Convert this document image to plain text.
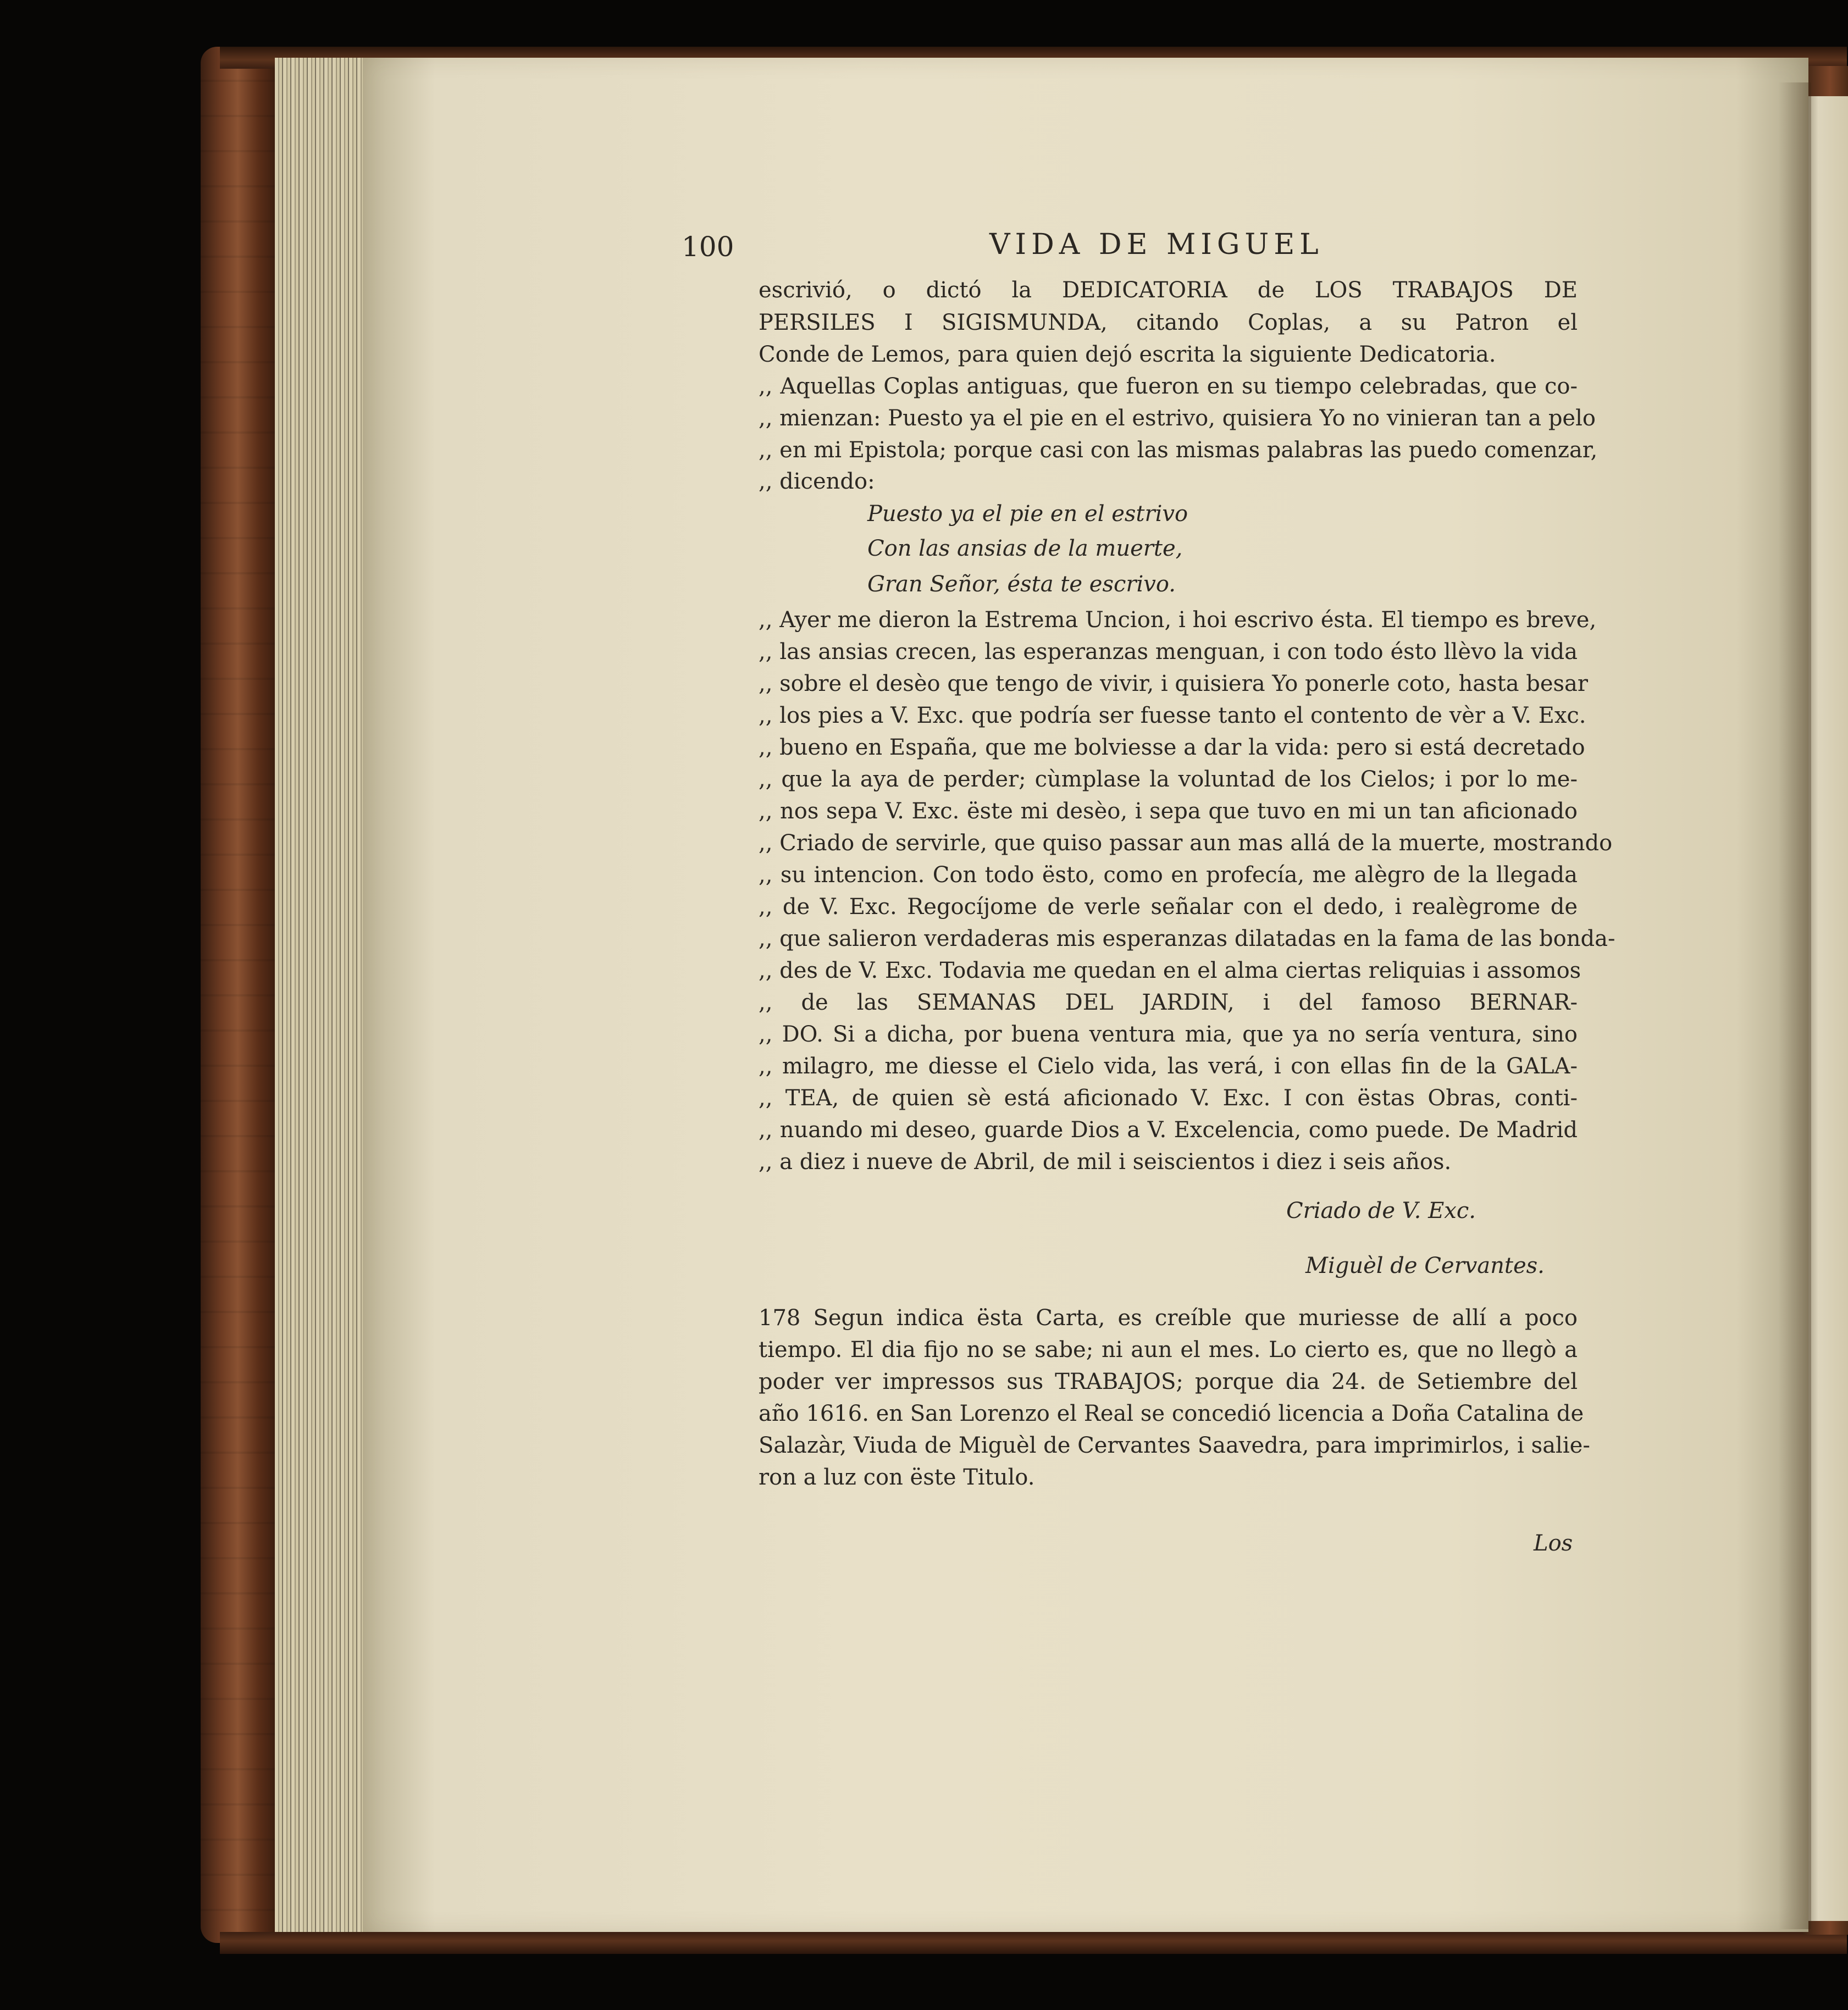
100	VIDA DE MIGUEL
escrivió, o dictó la DEDICATORIA de LOS TRABAJOS DE
PERSILES I SIGISMUNDA, citando Coplas, a su Patron el
Conde de Lemos, para quien dejó escrita la siguiente Dedicatoria.
,, Aquellas Coplas antiguas, que fueron en su tiempo celebradas, que co-
,, mienzan: Puesto ya el pie en el estrivo, quisiera Yo no vinieran tan a pelo
,, en mi Epistola; porque casi con las mismas palabras las puedo comenzar,
,, dicendo:
Puesto ya el pie en el estrivo
Con las ansias de la muerte,
Gran Señor, ésta te escrivo.
,, Ayer me dieron la Estrema Uncion, i hoi escrivo ésta. El tiempo es breve,
,, las ansias crecen, las esperanzas menguan, i con todo ésto llèvo la vida
,, sobre el desèo que tengo de vivir, i quisiera Yo ponerle coto, hasta besar
,, los pies a V. Exc. que podría ser fuesse tanto el contento de vèr a V. Exc.
,, bueno en España, que me bolviesse a dar la vida: pero si está decretado
,, que la aya de perder; cùmplase la voluntad de los Cielos; i por lo me-
,, nos sepa V. Exc. ëste mi desèo, i sepa que tuvo en mi un tan aficionado
,, Criado de servirle, que quiso passar aun mas allá de la muerte, mostrando
,, su intencion. Con todo ësto, como en profecía, me alègro de la llegada
,, de V. Exc. Regocíjome de verle señalar con el dedo, i realègrome de
,, que salieron verdaderas mis esperanzas dilatadas en la fama de las bonda-
,, des de V. Exc. Todavia me quedan en el alma ciertas reliquias i assomos
,, de las SEMANAS DEL JARDIN, i del famoso BERNAR-
,, DO. Si a dicha, por buena ventura mia, que ya no sería ventura, sino
,, milagro, me diesse el Cielo vida, las verá, i con ellas fin de la GALA-
,, TEA, de quien sè está aficionado V. Exc. I con ëstas Obras, conti-
,, nuando mi deseo, guarde Dios a V. Excelencia, como puede. De Madrid
,, a diez i nueve de Abril, de mil i seiscientos i diez i seis años.
Criado de V. Exc.
Miguèl de Cervantes.
178 Segun indica ësta Carta, es creíble que muriesse de allí a poco
tiempo. El dia fijo no se sabe; ni aun el mes. Lo cierto es, que no llegò a
poder ver impressos sus TRABAJOS; porque dia 24. de Setiembre del
año 1616. en San Lorenzo el Real se concedió licencia a Doña Catalina de
Salazàr, Viuda de Miguèl de Cervantes Saavedra, para imprimirlos, i salie-
ron a luz con ëste Titulo.
Los
